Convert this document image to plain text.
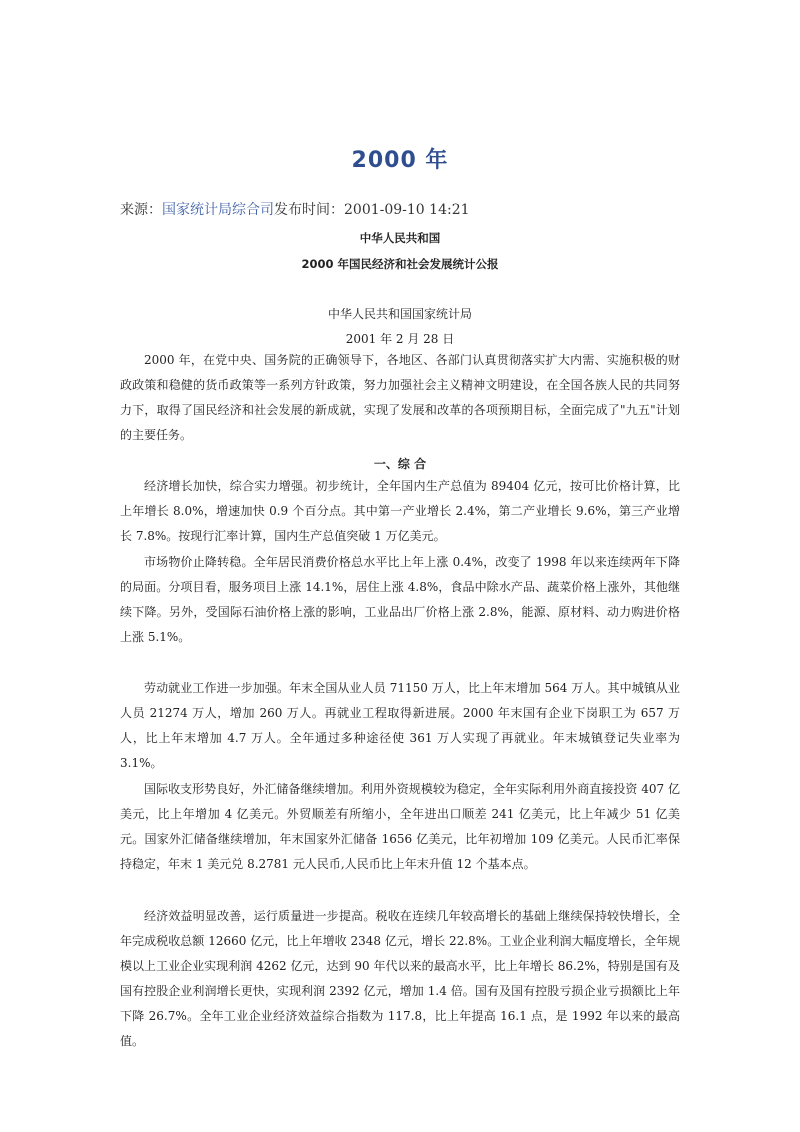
2000 年
来源：国家统计局综合司发布时间：2001-09-10 14:21
中华人民共和国
2000 年国民经济和社会发展统计公报
中华人民共和国国家统计局
2001 年 2 月 28 日
2000 年，在党中央、国务院的正确领导下，各地区、各部门认真贯彻落实扩大内需、实施积极的财政政策和稳健的货币政策等一系列方针政策，努力加强社会主义精神文明建设，在全国各族人民的共同努力下，取得了国民经济和社会发展的新成就，实现了发展和改革的各项预期目标，全面完成了"九五"计划的主要任务。
一、综 合
经济增长加快，综合实力增强。初步统计，全年国内生产总值为 89404 亿元，按可比价格计算，比上年增长 8.0%，增速加快 0.9 个百分点。其中第一产业增长 2.4%，第二产业增长 9.6%，第三产业增长 7.8%。按现行汇率计算，国内生产总值突破 1 万亿美元。
市场物价止降转稳。全年居民消费价格总水平比上年上涨 0.4%，改变了 1998 年以来连续两年下降的局面。分项目看，服务项目上涨 14.1%，居住上涨 4.8%，食品中除水产品、蔬菜价格上涨外，其他继续下降。另外，受国际石油价格上涨的影响，工业品出厂价格上涨 2.8%，能源、原材料、动力购进价格上涨 5.1%。
劳动就业工作进一步加强。年末全国从业人员 71150 万人，比上年末增加 564 万人。其中城镇从业人员 21274 万人，增加 260 万人。再就业工程取得新进展。2000 年末国有企业下岗职工为 657 万人，比上年末增加 4.7 万人。全年通过多种途径使 361 万人实现了再就业。年末城镇登记失业率为 3.1%。
国际收支形势良好，外汇储备继续增加。利用外资规模较为稳定，全年实际利用外商直接投资 407 亿美元，比上年增加 4 亿美元。外贸顺差有所缩小，全年进出口顺差 241 亿美元，比上年减少 51 亿美元。国家外汇储备继续增加，年末国家外汇储备 1656 亿美元，比年初增加 109 亿美元。人民币汇率保持稳定，年末 1 美元兑 8.2781 元人民币,人民币比上年末升值 12 个基本点。
经济效益明显改善，运行质量进一步提高。税收在连续几年较高增长的基础上继续保持较快增长，全年完成税收总额 12660 亿元，比上年增收 2348 亿元，增长 22.8%。工业企业利润大幅度增长，全年规模以上工业企业实现利润 4262 亿元，达到 90 年代以来的最高水平，比上年增长 86.2%，特别是国有及国有控股企业利润增长更快，实现利润 2392 亿元，增加 1.4 倍。国有及国有控股亏损企业亏损额比上年下降 26.7%。全年工业企业经济效益综合指数为 117.8，比上年提高 16.1 点，是 1992 年以来的最高值。
